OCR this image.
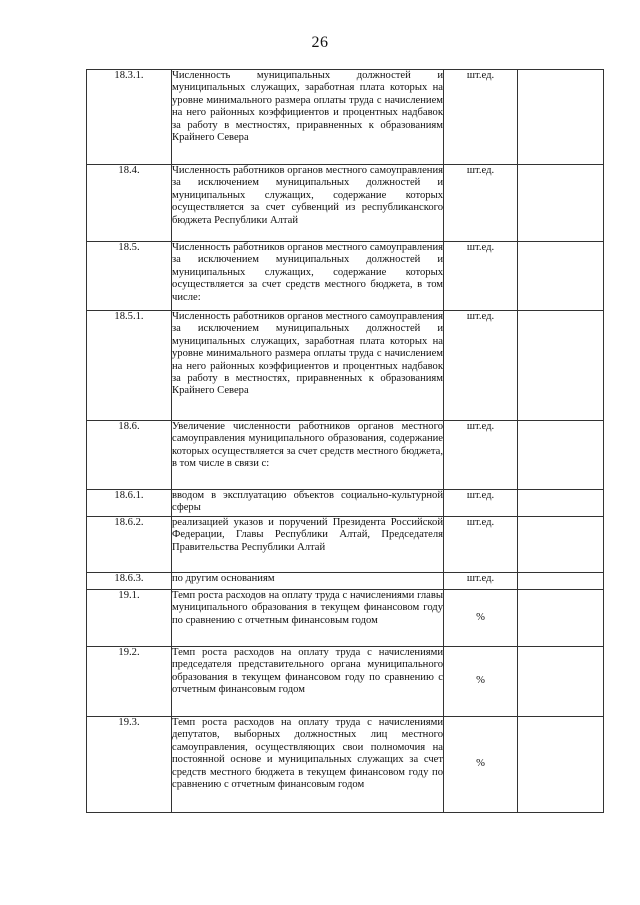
26
18.3.1.	Численность муниципальных должностей и муниципальных служащих, заработная плата которых на уровне минимального размера оплаты труда с начислением на него районных коэффициентов и процентных надбавок за работу в местностях, приравненных к образованиям Крайнего Севера	шт.ед.	
18.4.	Численность работников органов местного самоуправления за исключением муниципальных должностей и муниципальных служащих, содержание которых осуществляется за счет субвенций из республиканского бюджета Республики Алтай	шт.ед.	
18.5.	Численность работников органов местного самоуправления за исключением муниципальных должностей и муниципальных служащих, содержание которых осуществляется за счет средств местного бюджета, в том числе:	шт.ед.	
18.5.1.	Численность работников органов местного самоуправления за исключением муниципальных должностей и муниципальных служащих, заработная плата которых на уровне минимального размера оплаты труда с начислением на него районных коэффициентов и процентных надбавок за работу в местностях, приравненных к образованиям Крайнего Севера	шт.ед.	
18.6.	Увеличение численности работников органов местного самоуправления муниципального образования, содержание которых осуществляется за счет средств местного бюджета, в том числе в связи с:	шт.ед.	
18.6.1.	вводом в эксплуатацию объектов социально-культурной сферы	шт.ед.	
18.6.2.	реализацией указов и поручений Президента Российской Федерации, Главы Республики Алтай, Председателя Правительства Республики Алтай	шт.ед.	
18.6.3.	по другим основаниям	шт.ед.	
19.1.	Темп роста расходов на оплату труда с начислениями главы муниципального образования в текущем финансовом году по сравнению с отчетным финансовым годом	%	
19.2.	Темп роста расходов на оплату труда с начислениями председателя представительного органа муниципального образования в текущем финансовом году по сравнению с отчетным финансовым годом	%	
19.3.	Темп роста расходов на оплату труда с начислениями депутатов, выборных должностных лиц местного самоуправления, осуществляющих свои полномочия на постоянной основе и муниципальных служащих за счет средств местного бюджета в текущем финансовом году по сравнению с отчетным финансовым годом	%	
